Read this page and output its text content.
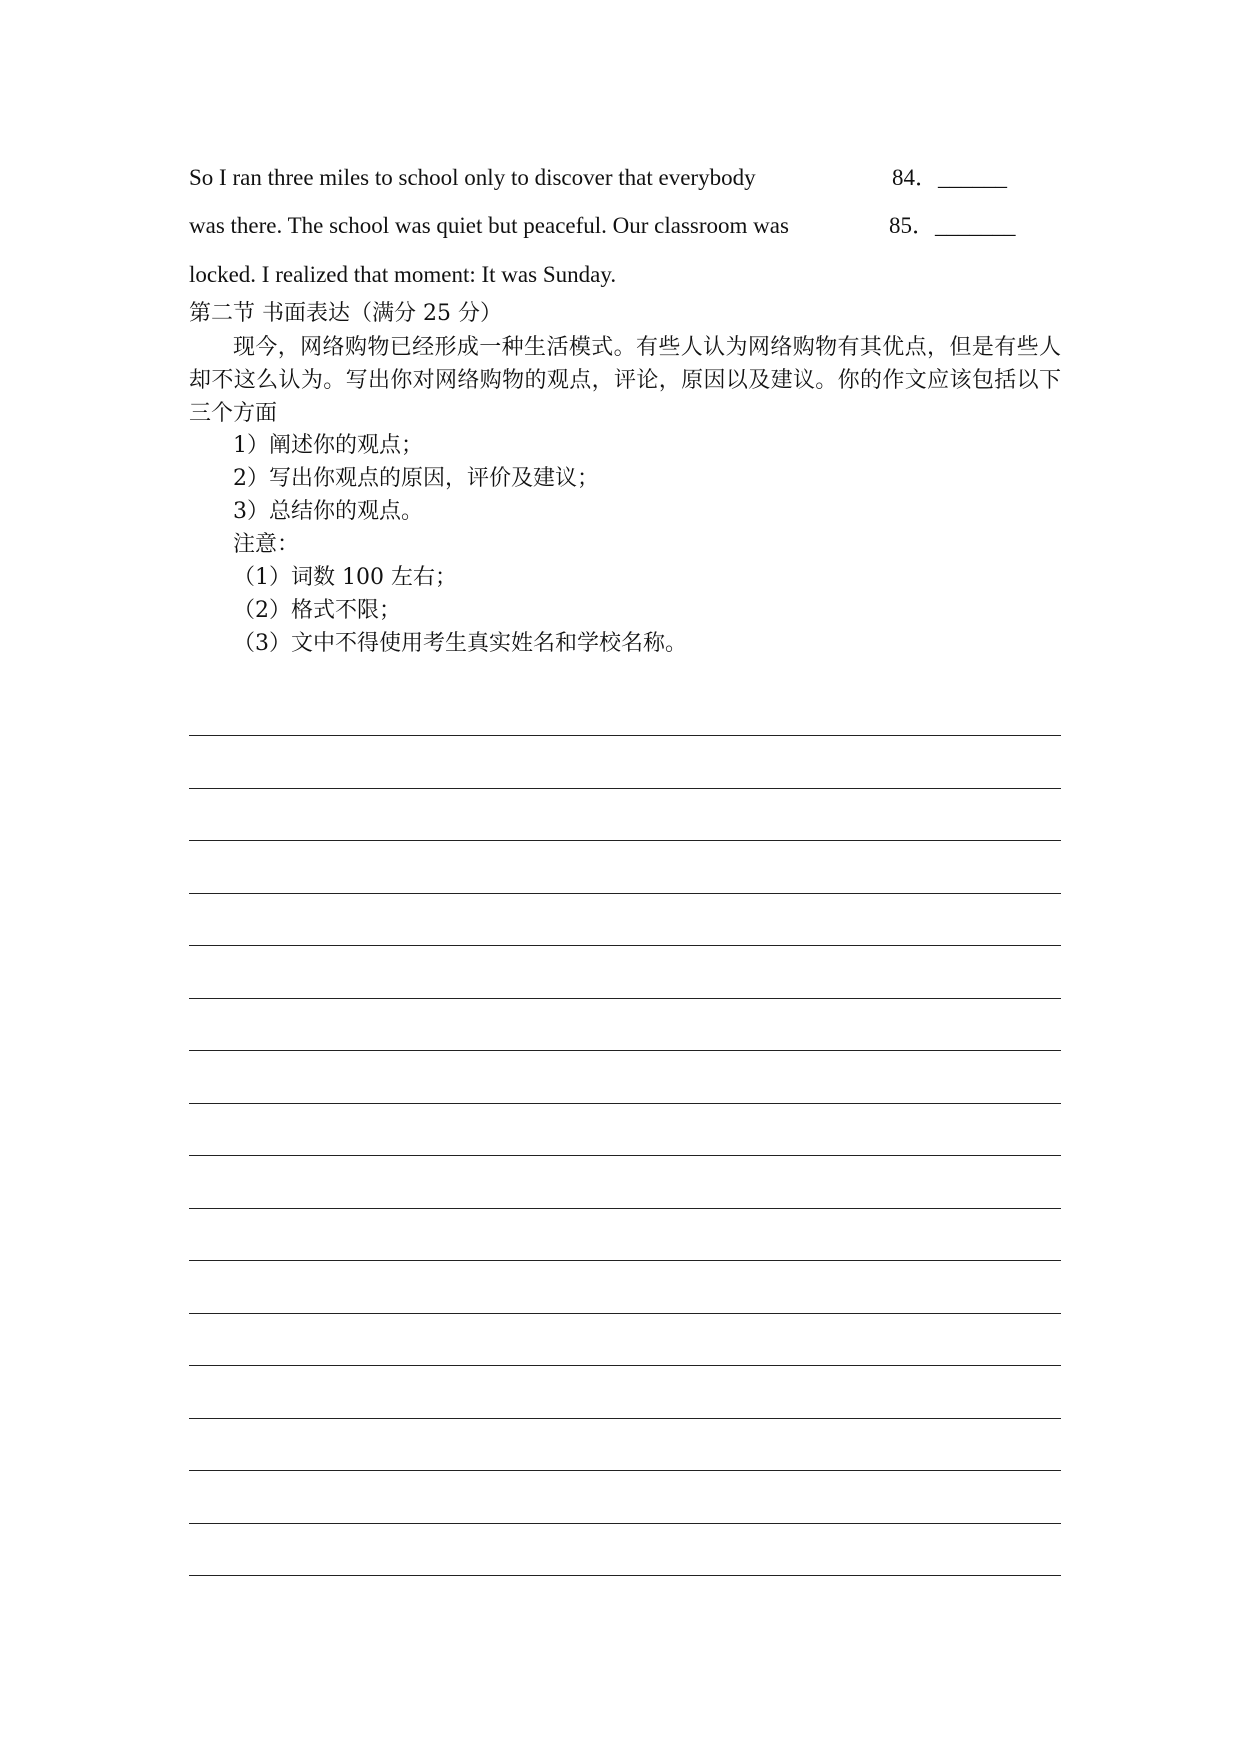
So I ran three miles to school only to discover that everybody	84．______
was there. The school was quiet but peaceful. Our classroom was	85．_______
locked. I realized that moment: It was Sunday.
第二节 书面表达（满分 25 分）
现今，网络购物已经形成一种生活模式。有些人认为网络购物有其优点，但是有些人却不这么认为。写出你对网络购物的观点，评论，原因以及建议。你的作文应该包括以下三个方面
1）阐述你的观点；
2）写出你观点的原因，评价及建议；
3）总结你的观点。
注意：
（1）词数 100 左右；
（2）格式不限；
（3）文中不得使用考生真实姓名和学校名称。
